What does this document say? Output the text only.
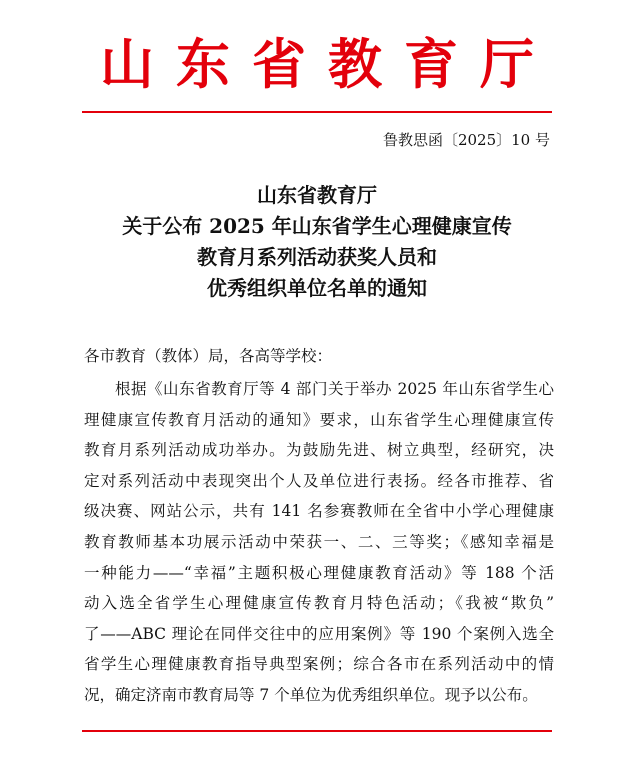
山东省教育厅
鲁教思函〔2025〕10 号
山东省教育厅
关于公布 2025 年山东省学生心理健康宣传
教育月系列活动获奖人员和
优秀组织单位名单的通知
各市教育（教体）局，各高等学校：
根据《山东省教育厅等 4 部门关于举办 2025 年山东省学生心
理健康宣传教育月活动的通知》要求，山东省学生心理健康宣传
教育月系列活动成功举办。为鼓励先进、树立典型，经研究，决
定对系列活动中表现突出个人及单位进行表扬。经各市推荐、省
级决赛、网站公示，共有 141 名参赛教师在全省中小学心理健康
教育教师基本功展示活动中荣获一、二、三等奖；《感知幸福是
一种能力——“幸福”主题积极心理健康教育活动》等 188 个活
动入选全省学生心理健康宣传教育月特色活动；《我被“欺负”
了——ABC 理论在同伴交往中的应用案例》等 190 个案例入选全
省学生心理健康教育指导典型案例；综合各市在系列活动中的情
况，确定济南市教育局等 7 个单位为优秀组织单位。现予以公布。
